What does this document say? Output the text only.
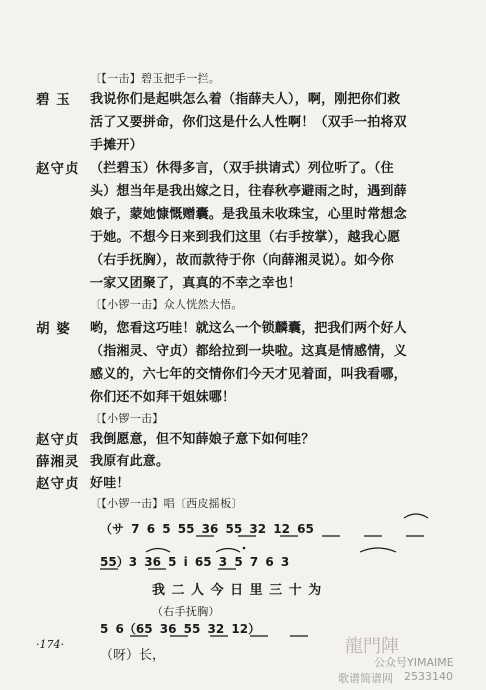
〔【一击】碧玉把手一拦。
碧 玉	我说你们是起哄怎么着（指薛夫人），啊，刚把你们救
活了又要拼命，你们这是什么人性啊！（双手一拍将双
手摊开）
赵守贞 （拦碧玉）休得多言，（双手拱请式）列位听了。（住
头）想当年是我出嫁之日，往春秋亭避雨之时，遇到薛
娘子，蒙她慷慨赠囊。是我虽未收珠宝，心里时常想念
于她。不想今日来到我们这里（右手按掌），越我心愿
（右手抚胸），故而款待于你（向薛湘灵说）。如今你
一家又团聚了，真真的不幸之幸也！
〔【小锣一击】众人恍然大悟。
胡 婆	哟，您看这巧哇！就这么一个锁麟囊，把我们两个好人
（指湘灵、守贞）都给拉到一块啦。这真是情感情，义
感义的，六七年的交情你们今天才见着面，叫我看哪，
你们还不如拜干姐妹哪！
〔【小锣一击】
赵守贞 我倒愿意，但不知薛娘子意下如何哇？
薛湘灵 我原有此意。
赵守贞 好哇！
〔【小锣一击】唱〔西皮摇板〕
（サ 7 6 5 55 36 55 32 12 65
55）3 36 5 i 65 3 5 7 6 3
我 二 人 今 日 里 三 十 为
（右手抚胸）
5 6（65 36 55 32 12）
（呀）长，
·174·	龍門陣
公众号YIMAIME
歌谱简谱网 2533140
